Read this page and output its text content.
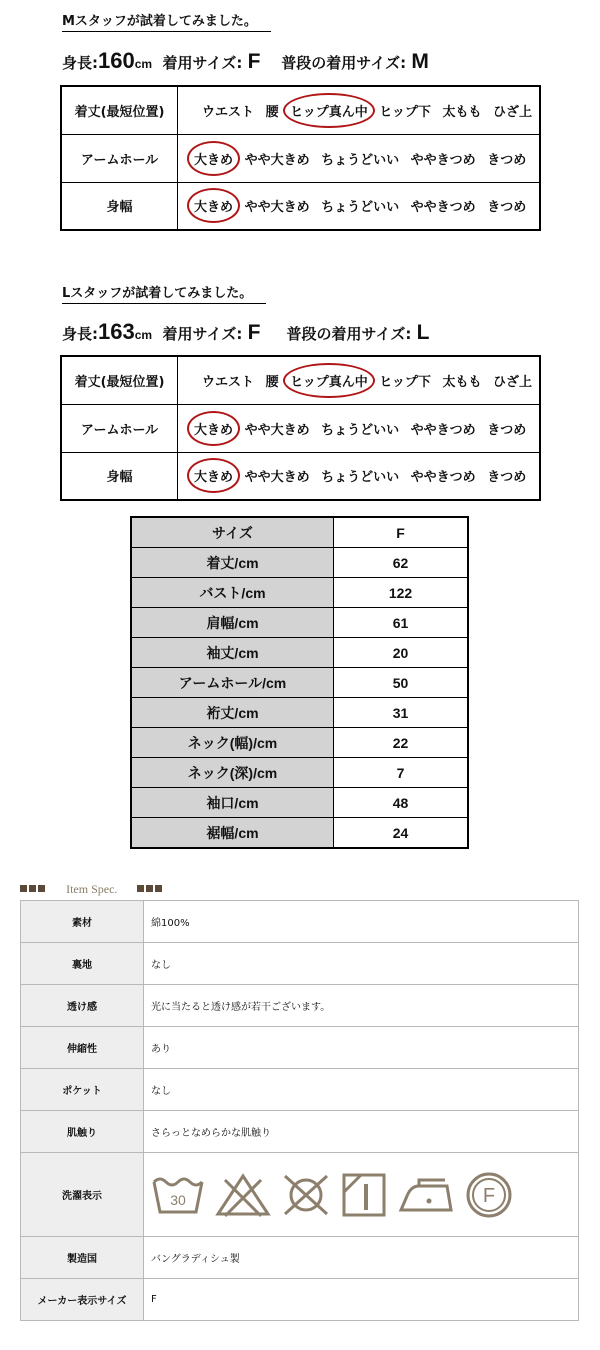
Mスタッフが試着してみました。
身長:160cm 着用サイズ: F 普段の着用サイズ: M
着丈(最短位置)	ウエスト 腰 ヒップ真ん中 ヒップ下 太もも ひざ上
アームホール	大きめ やや大きめ ちょうどいい ややきつめ きつめ
身幅	大きめ やや大きめ ちょうどいい ややきつめ きつめ
Lスタッフが試着してみました。
身長:163cm 着用サイズ: F 普段の着用サイズ: L
着丈(最短位置)	ウエスト 腰 ヒップ真ん中 ヒップ下 太もも ひざ上
アームホール	大きめ やや大きめ ちょうどいい ややきつめ きつめ
身幅	大きめ やや大きめ ちょうどいい ややきつめ きつめ
サイズ	F
着丈/cm	62
バスト/cm	122
肩幅/cm	61
袖丈/cm	20
アームホール/cm	50
裄丈/cm	31
ネック(幅)/cm	22
ネック(深)/cm	7
袖口/cm	48
裾幅/cm	24
Item Spec.
素材	綿100%
裏地	なし
透け感	光に当たると透け感が若干ございます。
伸縮性	あり
ポケット	なし
肌触り	さらっとなめらかな肌触り
洗濯表示	30 F

製造国	バングラディシュ製
メーカー表示サイズ	F
